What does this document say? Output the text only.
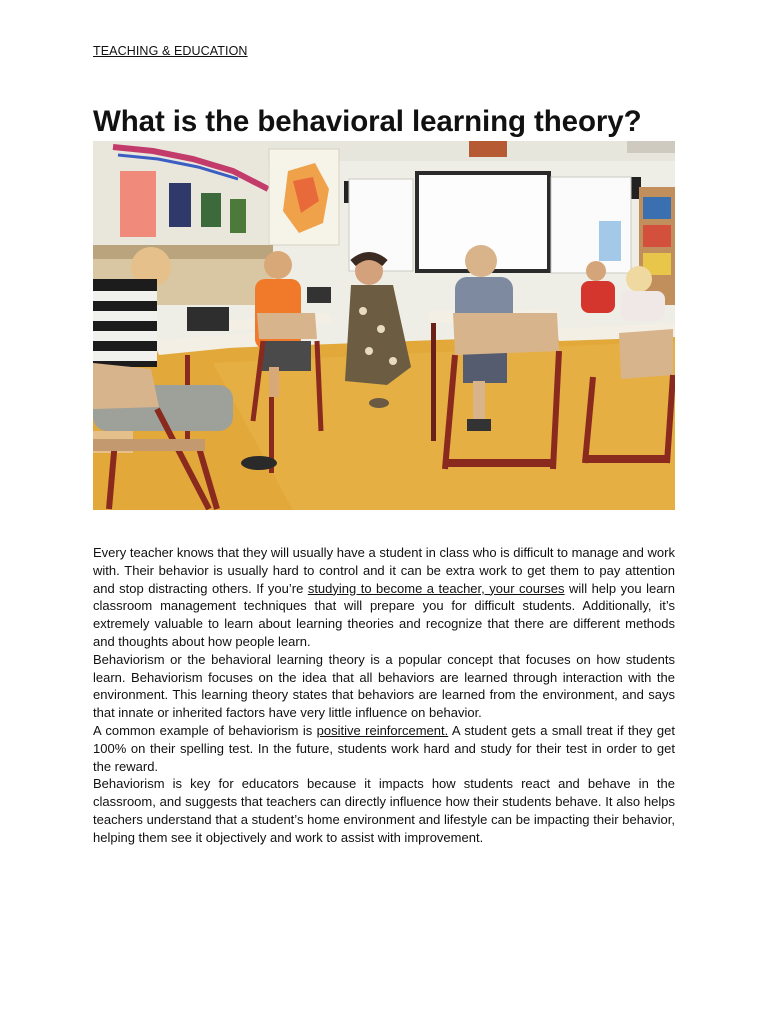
TEACHING & EDUCATION
What is the behavioral learning theory?

Every teacher knows that they will usually have a student in class who is difficult to manage and work with. Their behavior is usually hard to control and it can be extra work to get them to pay attention and stop distracting others. If you’re studying to become a teacher, your courses will help you learn classroom management techniques that will prepare you for difficult students. Additionally, it’s extremely valuable to learn about learning theories and recognize that there are different methods and thoughts about how people learn.

Behaviorism or the behavioral learning theory is a popular concept that focuses on how students learn. Behaviorism focuses on the idea that all behaviors are learned through interaction with the environment. This learning theory states that behaviors are learned from the environment, and says that innate or inherited factors have very little influence on behavior.

A common example of behaviorism is positive reinforcement. A student gets a small treat if they get 100% on their spelling test. In the future, students work hard and study for their test in order to get the reward.

Behaviorism is key for educators because it impacts how students react and behave in the classroom, and suggests that teachers can directly influence how their students behave. It also helps teachers understand that a student’s home environment and lifestyle can be impacting their behavior, helping them see it objectively and work to assist with improvement.
